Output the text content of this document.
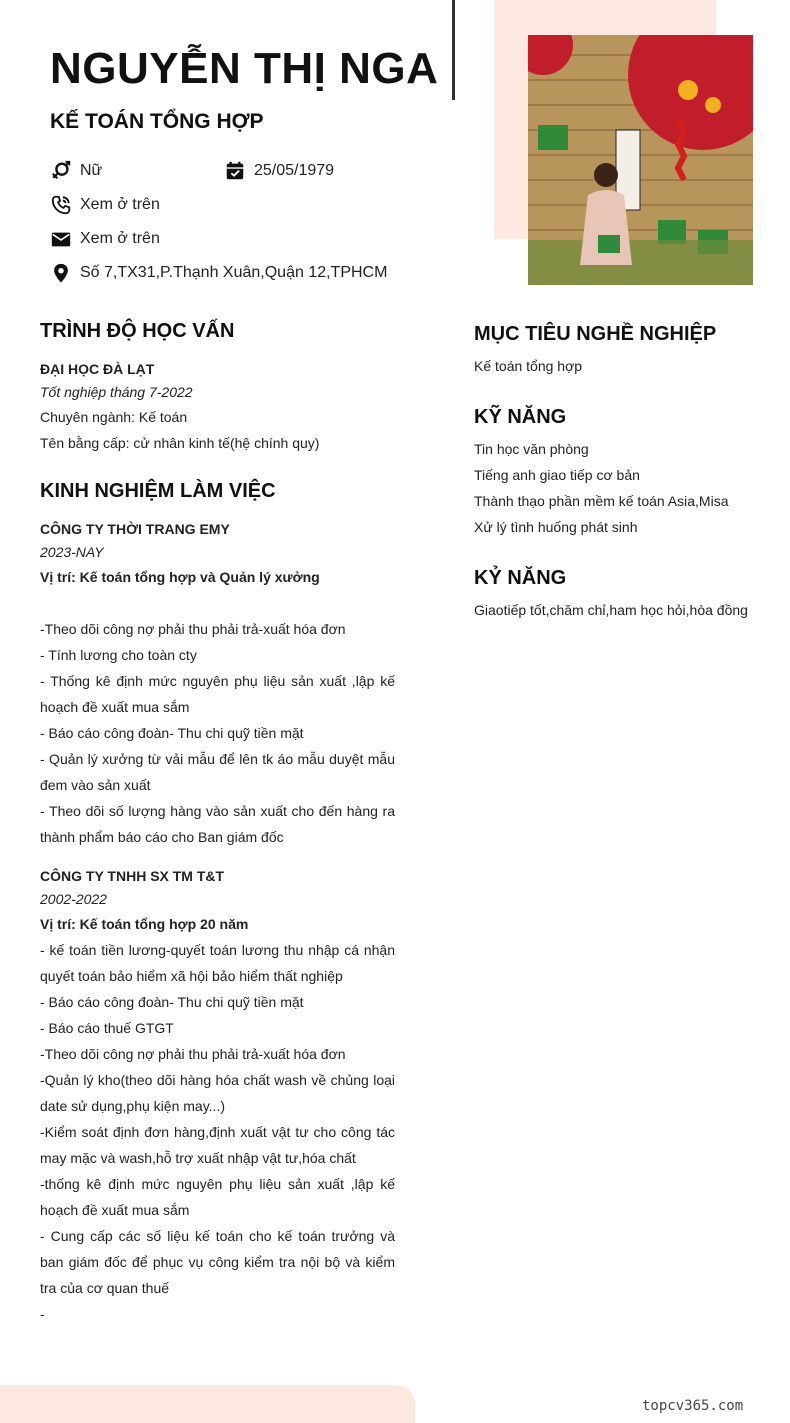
NGUYỄN THỊ NGA
KẾ TOÁN TỔNG HỢP
Nữ	25/05/1979
Xem ở trên
Xem ở trên
Số 7,TX31,P.Thạnh Xuân,Quận 12,TPHCM
TRÌNH ĐỘ HỌC VẤN
ĐẠI HỌC ĐÀ LẠT
Tốt nghiệp tháng 7-2022
Chuyên ngành: Kế toán
Tên bằng cấp: cử nhân kinh tế(hệ chính quy)
KINH NGHIỆM LÀM VIỆC
CÔNG TY THỜI TRANG EMY
2023-NAY
Vị trí: Kế toán tổng hợp và Quản lý xưởng
-Theo dõi công nợ phải thu phải trả-xuất hóa đơn
- Tính lương cho toàn cty
- Thống kê định mức nguyên phụ liệu sản xuất ,lập kế hoạch đề xuất mua sắm
- Báo cáo công đoàn- Thu chi quỹ tiền mặt
- Quản lý xưởng từ vải mẫu để lên tk áo mẫu duyệt mẫu đem vào sản xuất
- Theo dõi số lượng hàng vào sản xuất cho đến hàng ra thành phẩm báo cáo cho Ban giám đốc
CÔNG TY TNHH SX TM T&T
2002-2022
Vị trí: Kế toán tổng hợp 20 năm
- kế toán tiền lương-quyết toán lương thu nhập cá nhận quyết toán bảo hiểm xã hội bảo hiểm thất nghiệp
- Báo cáo công đoàn- Thu chi quỹ tiền mặt
- Báo cáo thuế GTGT
-Theo dõi công nợ phải thu phải trả-xuất hóa đơn
-Quản lý kho(theo dõi hàng hóa chất wash về chủng loại date sử dụng,phụ kiện may...)
-Kiểm soát định đơn hàng,định xuất vật tư cho công tác may mặc và wash,hỗ trợ xuất nhập vật tư,hóa chất
-thống kê định mức nguyên phụ liệu sản xuất ,lập kế hoạch đề xuất mua sắm
- Cung cấp các số liệu kế toán cho kế toán trưởng và ban giám đốc để phục vụ công kiểm tra nội bộ và kiểm tra của cơ quan thuế
-
MỤC TIÊU NGHỀ NGHIỆP
Kế toán tổng hợp
KỸ NĂNG
Tin học văn phòng
Tiếng anh giao tiếp cơ bản
Thành thạo phần mềm kế toán Asia,Misa
Xử lý tình huống phát sinh
KỶ NĂNG
Giaotiếp tốt,chăm chỉ,ham học hỏi,hòa đồng
topcv365.com
